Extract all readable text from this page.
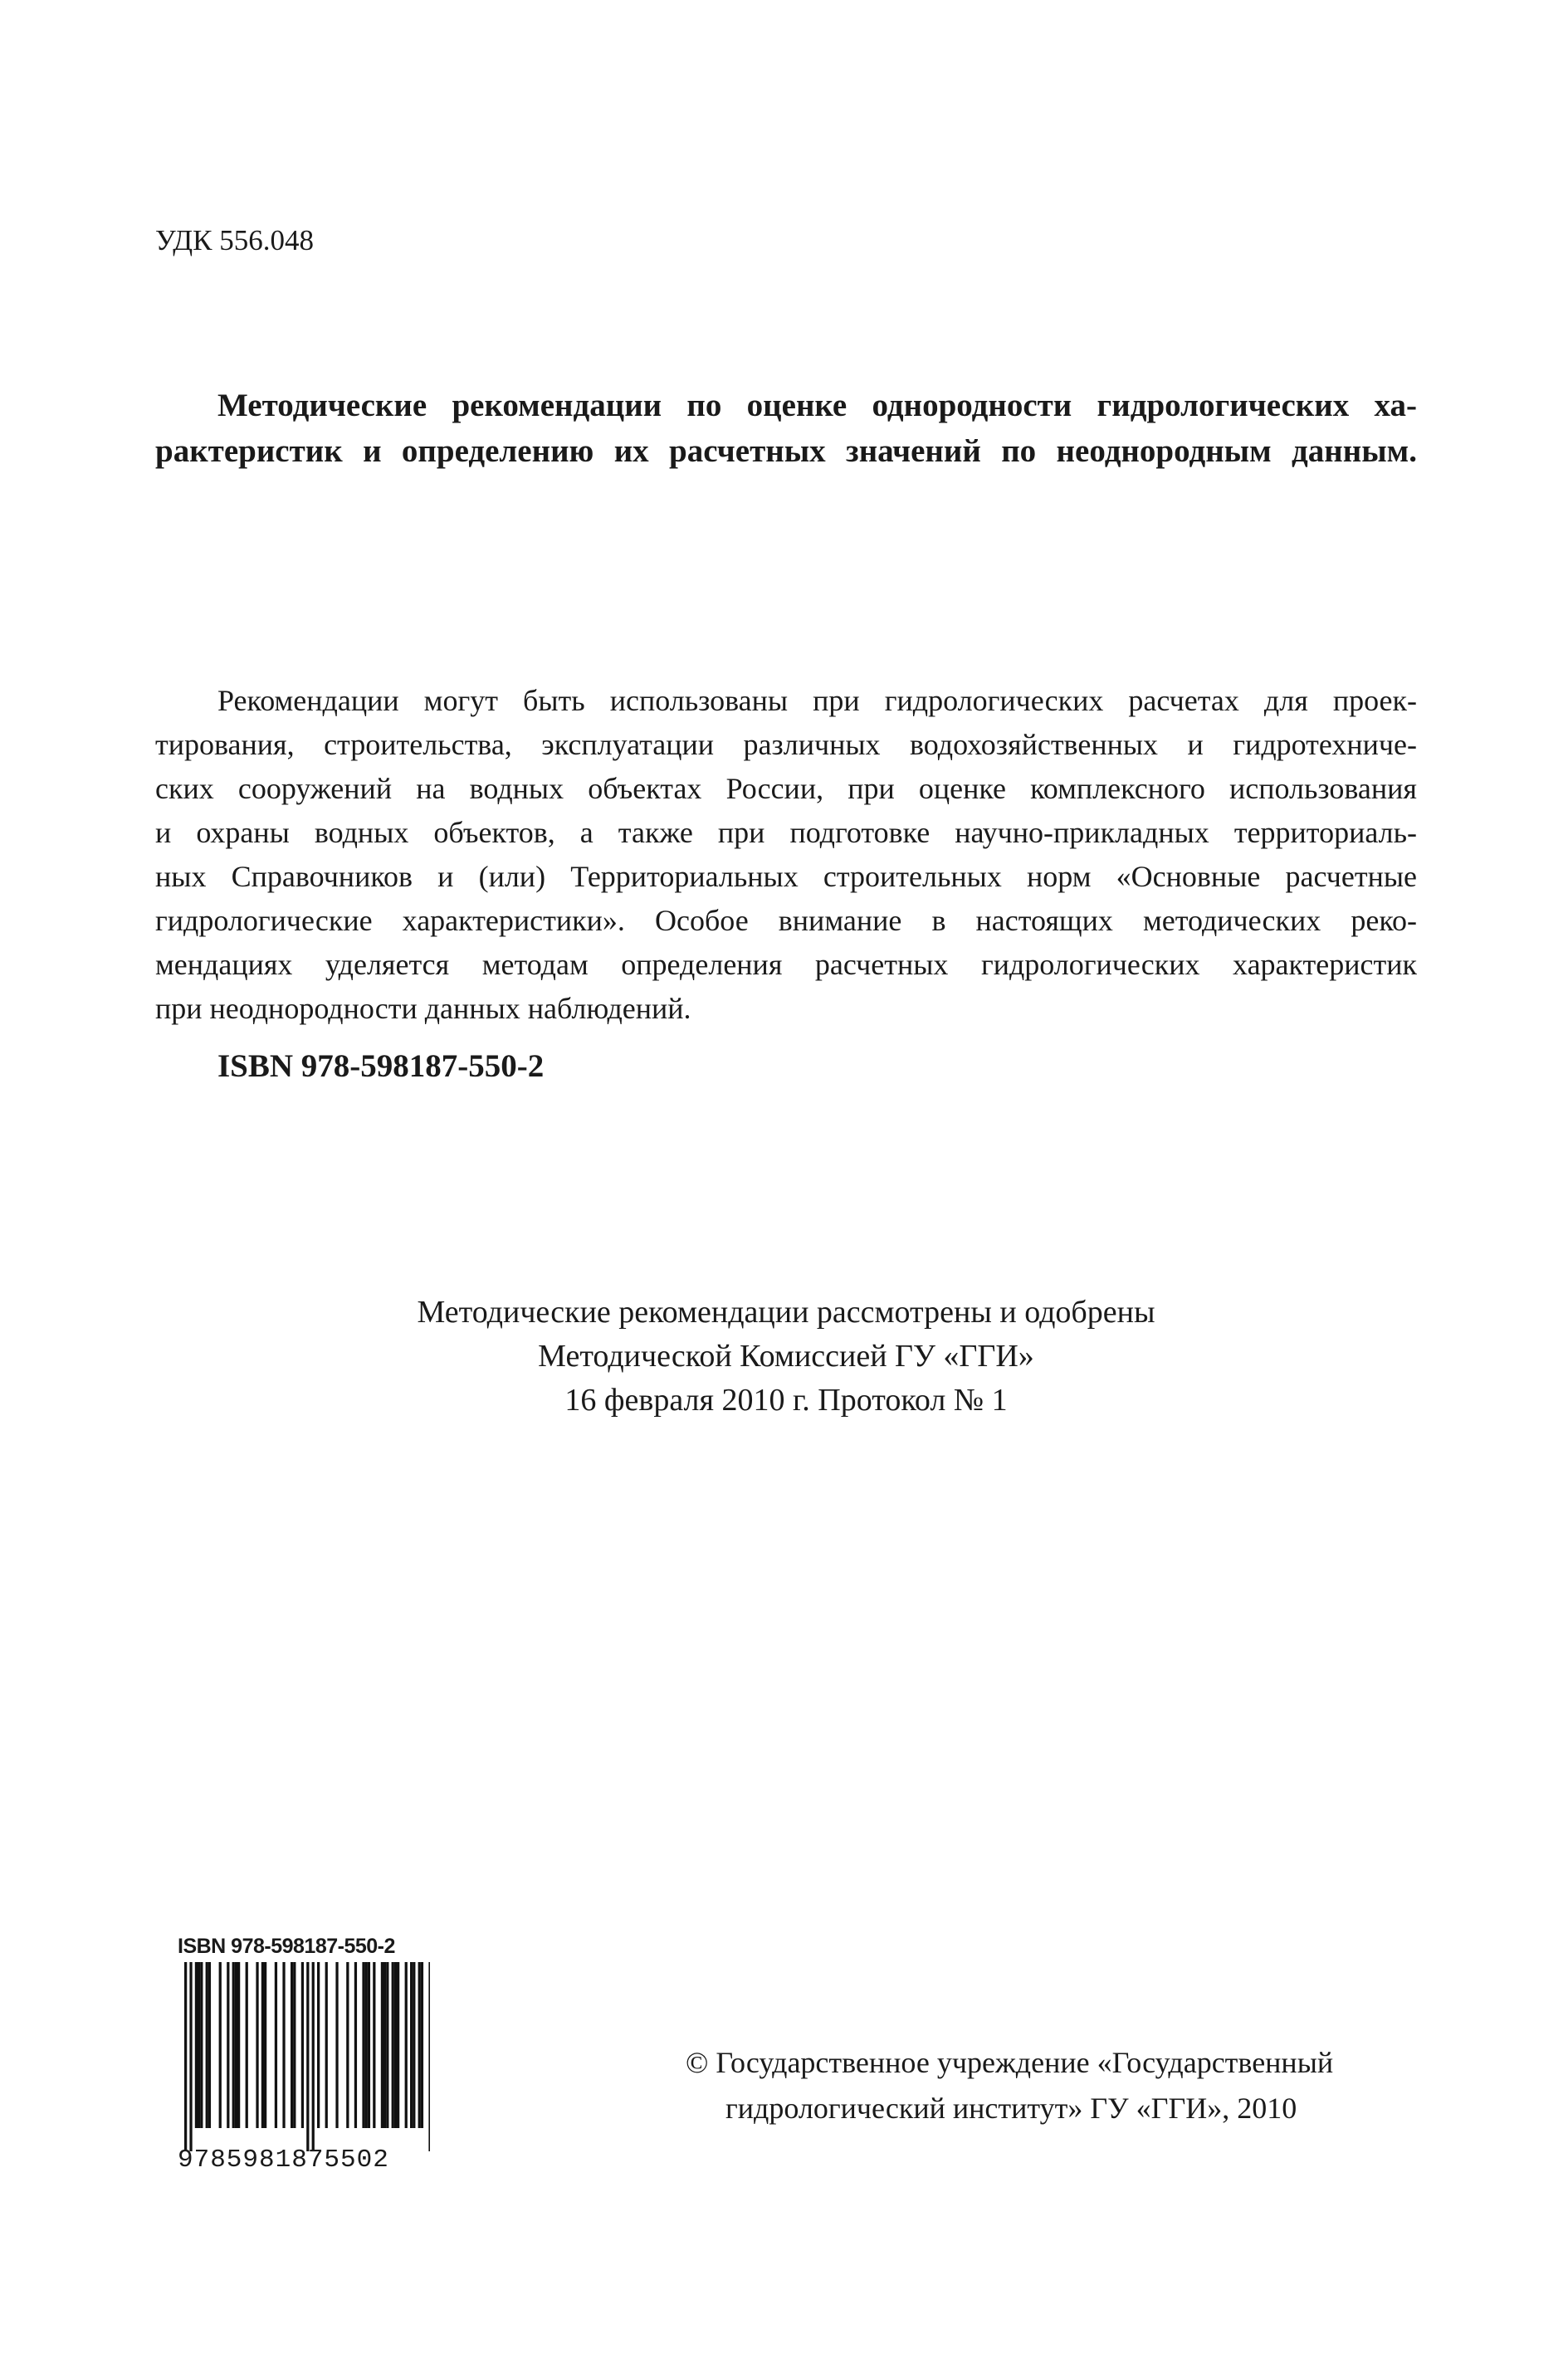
УДК 556.048
Методические рекомендации по оценке однородности гидрологических ха-
рактеристик и определению их расчетных значений по неоднородным данным.
Рекомендации могут быть использованы при гидрологических расчетах для проек-
тирования, строительства, эксплуатации различных водохозяйственных и гидротехниче-
ских сооружений на водных объектах России, при оценке комплексного использования
и охраны водных объектов, а также при подготовке научно-прикладных территориаль-
ных Справочников и (или) Территориальных строительных норм «Основные расчетные
гидрологические характеристики». Особое внимание в настоящих методических реко-
мендациях уделяется методам определения расчетных гидрологических характеристик
при неоднородности данных наблюдений.
ISBN 978-598187-550-2
Методические рекомендации рассмотрены и одобрены
Методической Комиссией ГУ «ГГИ»
16 февраля 2010 г. Протокол № 1
ISBN 978-598187-550-2
9785981875502
© Государственное учреждение «Государственный
гидрологический институт» ГУ «ГГИ», 2010
